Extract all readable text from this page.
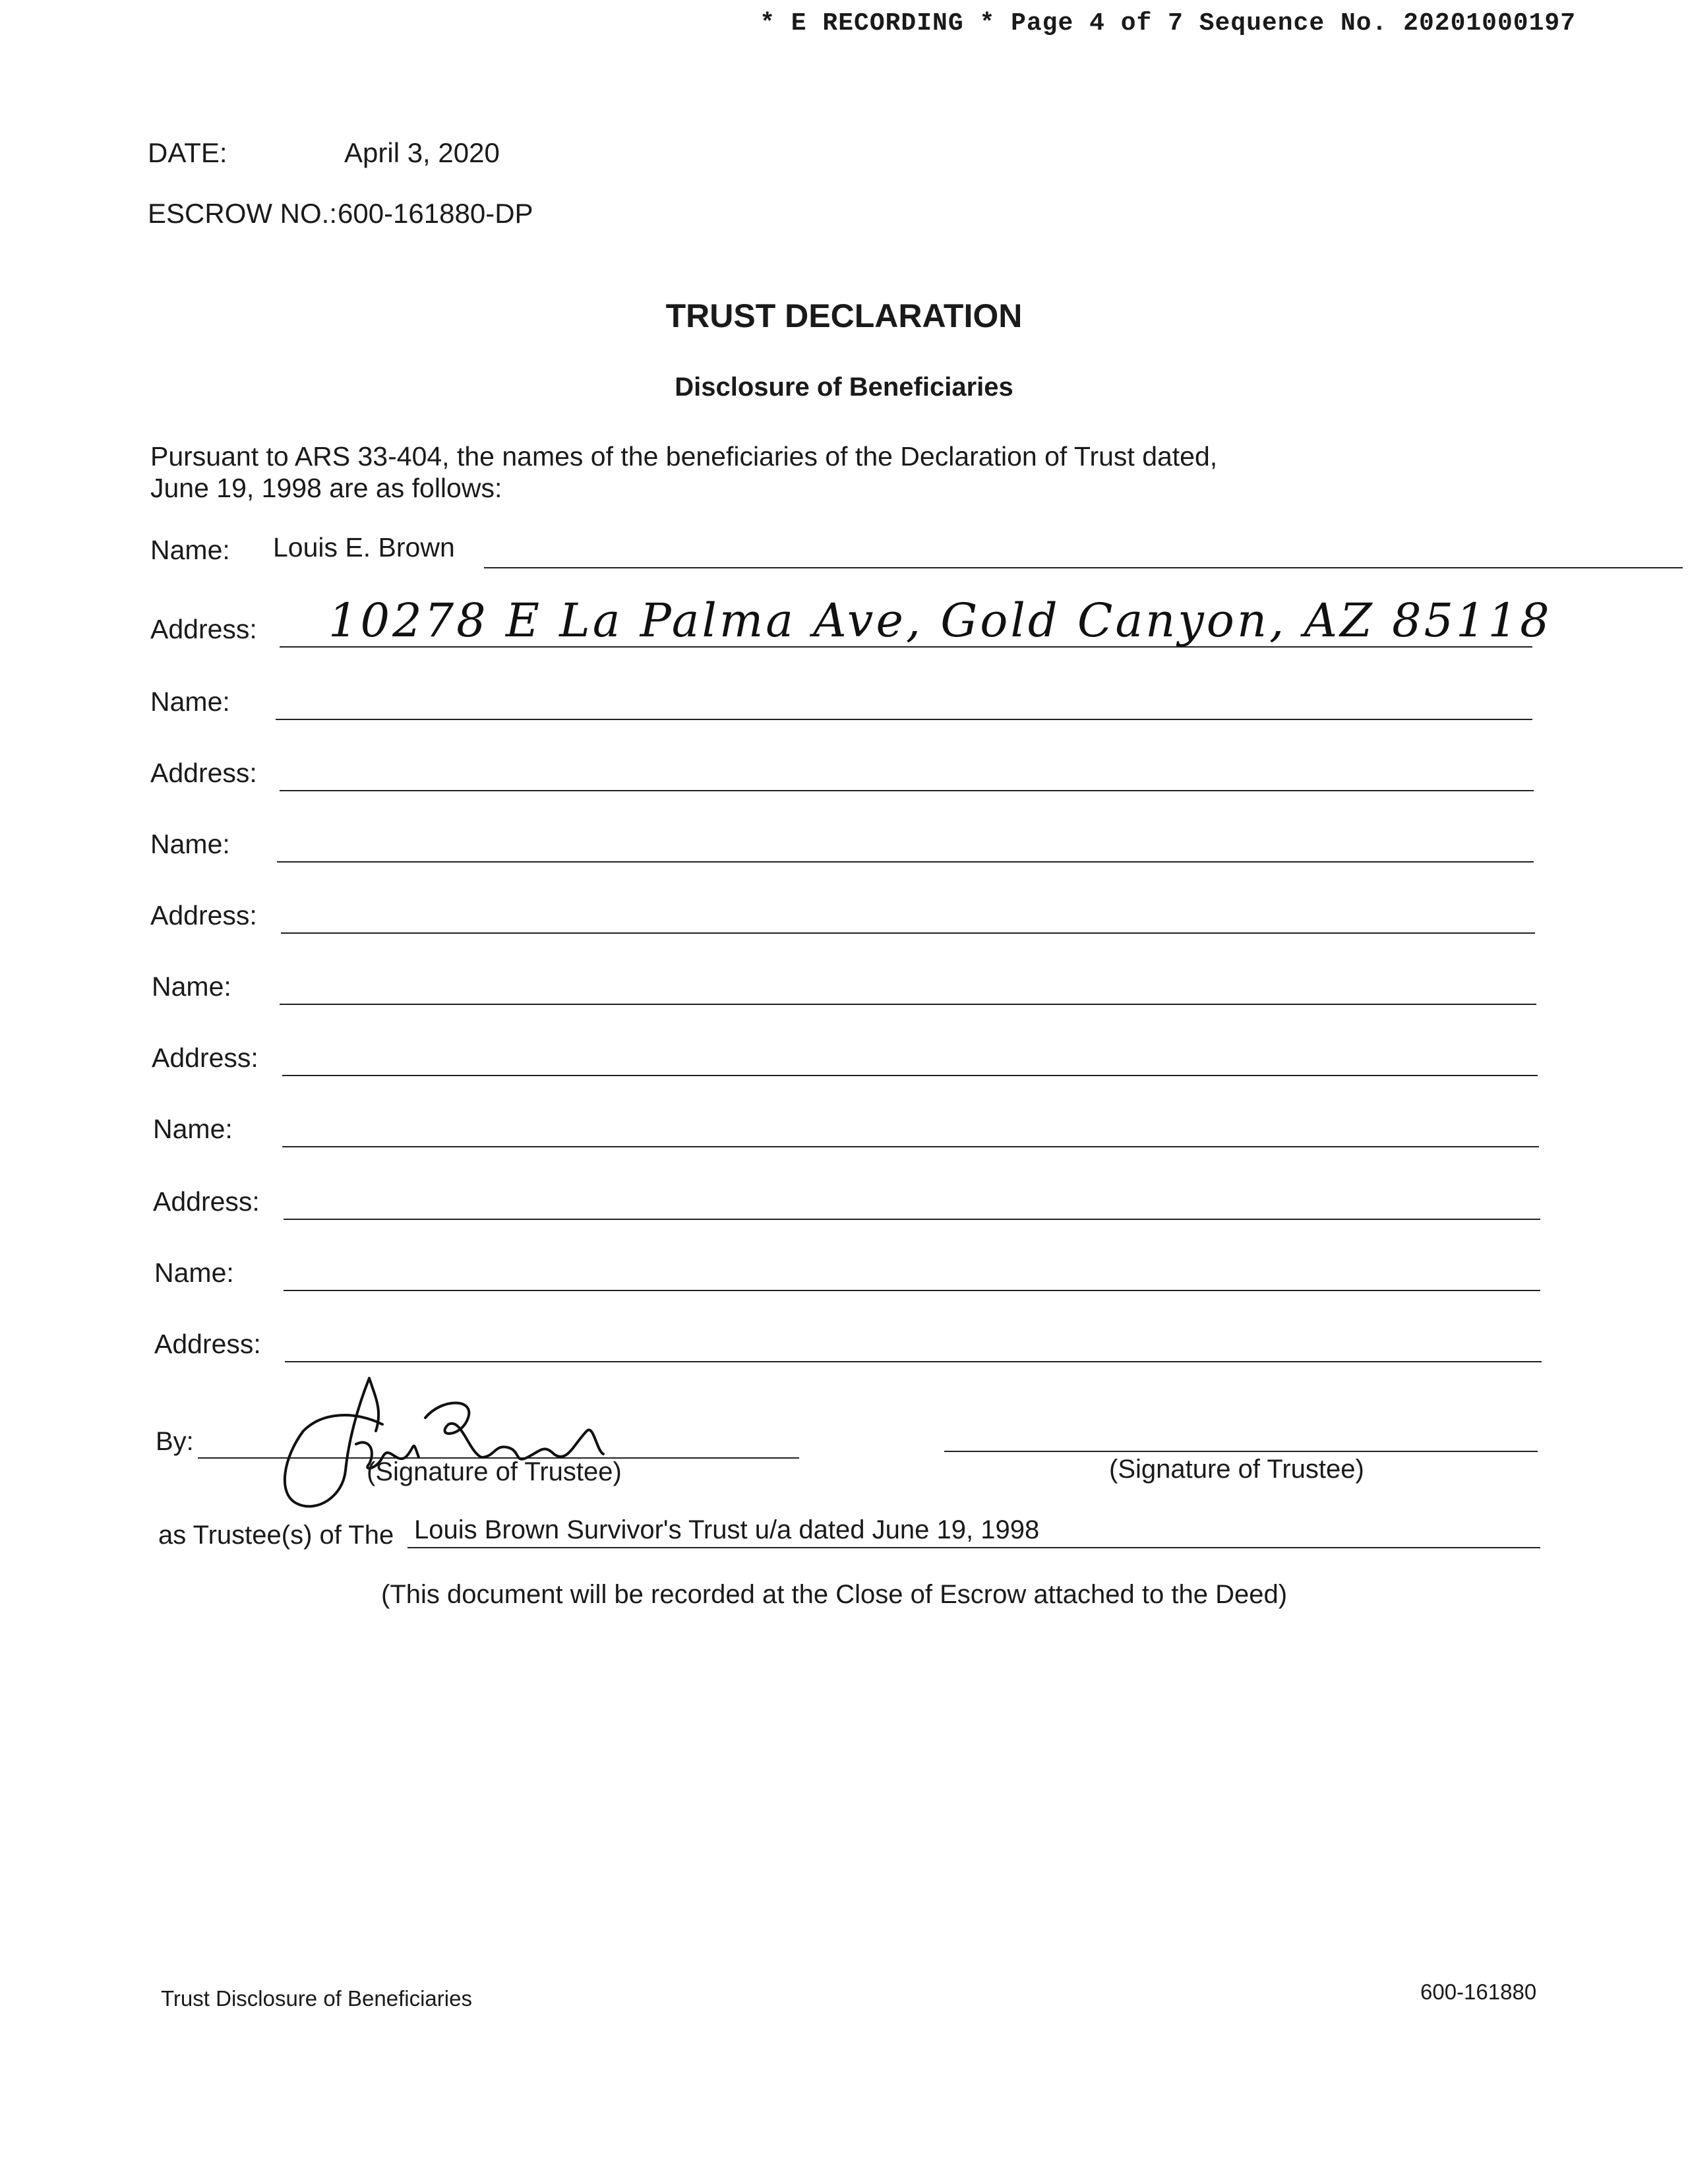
* E RECORDING * Page 4 of 7 Sequence No. 20201000197
DATE:	April 3, 2020
ESCROW NO.: 600-161880-DP
TRUST DECLARATION
Disclosure of Beneficiaries
Pursuant to ARS 33-404, the names of the beneficiaries of the Declaration of Trust dated,
June 19, 1998 are as follows:
Name: Louis E. Brown
Address: 10278 E La Palma Ave, Gold Canyon, AZ 85118
Name:
Address:
Name:
Address:
Name:
Address:
Name:
Address:
Name:
Address:
By:
(Signature of Trustee)	(Signature of Trustee)
as Trustee(s) of The Louis Brown Survivor's Trust u/a dated June 19, 1998
(This document will be recorded at the Close of Escrow attached to the Deed)
Trust Disclosure of Beneficiaries	600-161880
